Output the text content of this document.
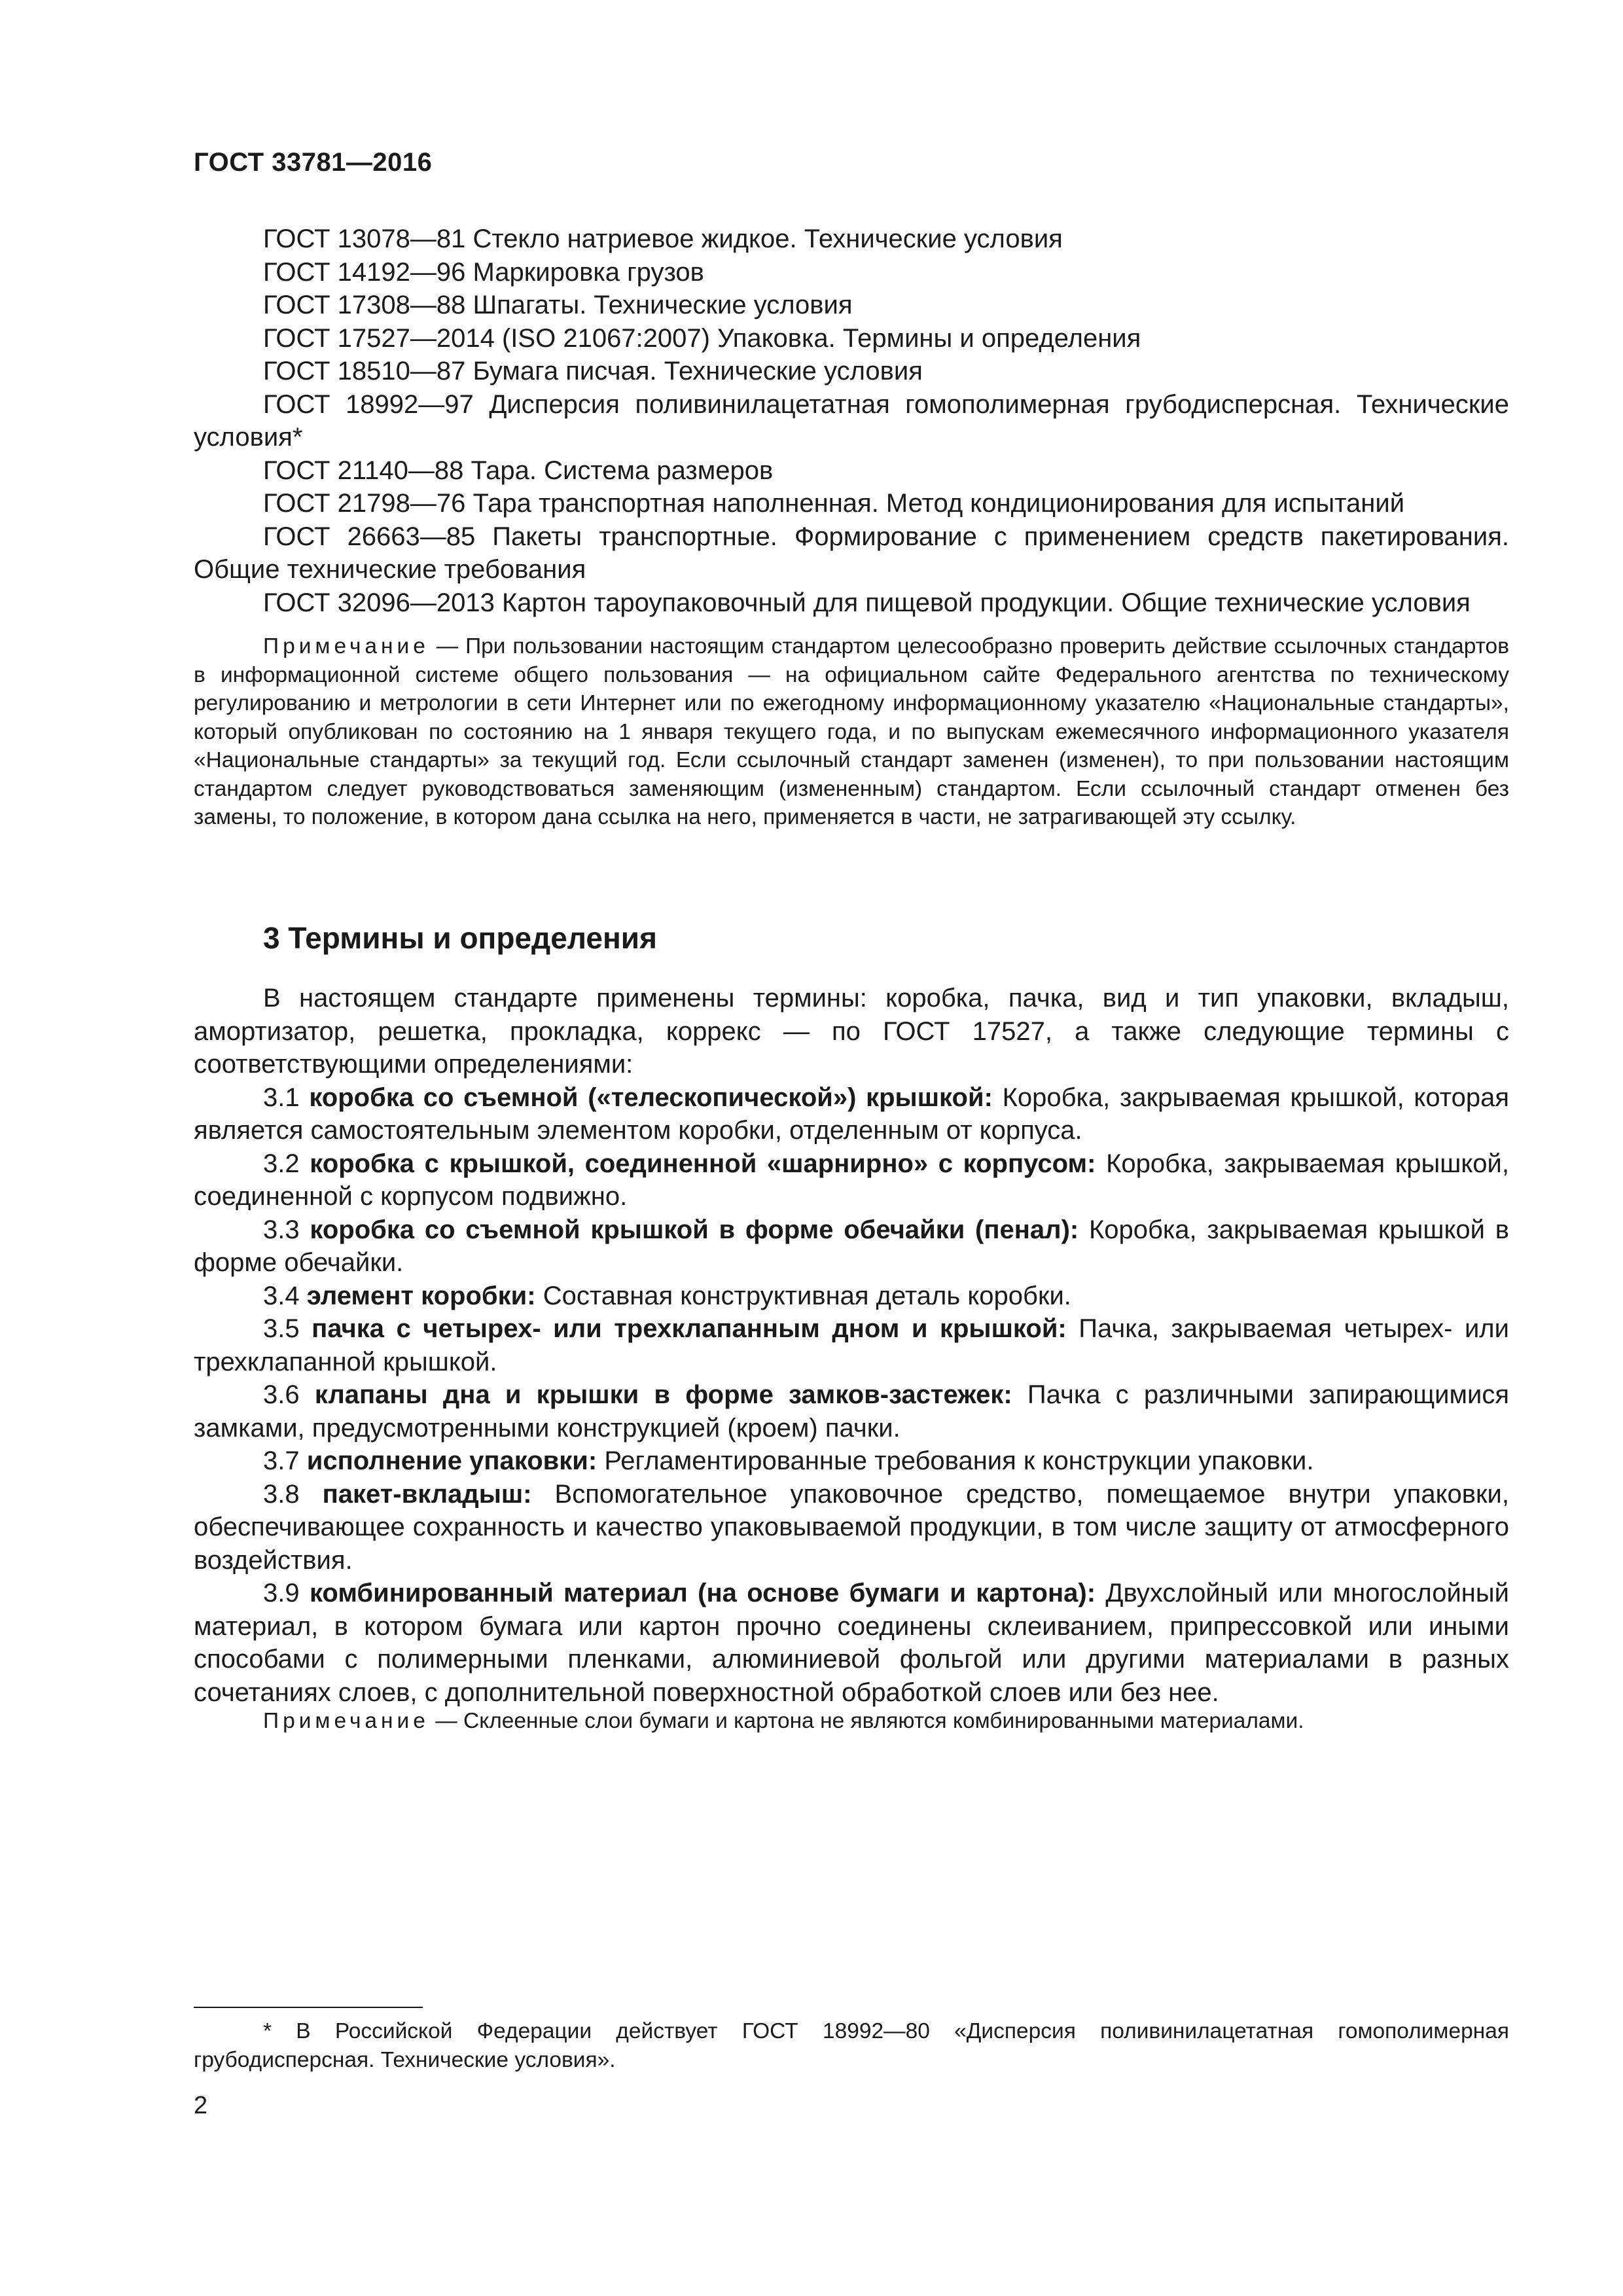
ГОСТ 33781—2016

ГОСТ 13078—81 Стекло натриевое жидкое. Технические условия

ГОСТ 14192—96 Маркировка грузов

ГОСТ 17308—88 Шпагаты. Технические условия

ГОСТ 17527—2014 (ISO 21067:2007) Упаковка. Термины и определения

ГОСТ 18510—87 Бумага писчая. Технические условия

ГОСТ 18992—97 Дисперсия поливинилацетатная гомополимерная грубодисперсная. Технические условия*

ГОСТ 21140—88 Тара. Система размеров

ГОСТ 21798—76 Тара транспортная наполненная. Метод кондиционирования для испытаний

ГОСТ 26663—85 Пакеты транспортные. Формирование с применением средств пакетирования. Общие технические требования

ГОСТ 32096—2013 Картон тароупаковочный для пищевой продукции. Общие технические условия

Примечание — При пользовании настоящим стандартом целесообразно проверить действие ссылочных стандартов в информационной системе общего пользования — на официальном сайте Федерального агентства по техническому регулированию и метрологии в сети Интернет или по ежегодному информационному указателю «Национальные стандарты», который опубликован по состоянию на 1 января текущего года, и по выпускам ежемесячного информационного указателя «Национальные стандарты» за текущий год. Если ссылочный стандарт заменен (изменен), то при пользовании настоящим стандартом следует руководствоваться заменяющим (измененным) стандартом. Если ссылочный стандарт отменен без замены, то положение, в котором дана ссылка на него, применяется в части, не затрагивающей эту ссылку.

3 Термины и определения

В настоящем стандарте применены термины: коробка, пачка, вид и тип упаковки, вкладыш, амортизатор, решетка, прокладка, коррекс — по ГОСТ 17527, а также следующие термины с соответствующими определениями:

3.1 коробка со съемной («телескопической») крышкой: Коробка, закрываемая крышкой, которая является самостоятельным элементом коробки, отделенным от корпуса.

3.2 коробка с крышкой, соединенной «шарнирно» с корпусом: Коробка, закрываемая крышкой, соединенной с корпусом подвижно.

3.3 коробка со съемной крышкой в форме обечайки (пенал): Коробка, закрываемая крышкой в форме обечайки.

3.4 элемент коробки: Составная конструктивная деталь коробки.

3.5 пачка с четырех- или трехклапанным дном и крышкой: Пачка, закрываемая четырех- или трехклапанной крышкой.

3.6 клапаны дна и крышки в форме замков-застежек: Пачка с различными запирающимися замками, предусмотренными конструкцией (кроем) пачки.

3.7 исполнение упаковки: Регламентированные требования к конструкции упаковки.

3.8 пакет-вкладыш: Вспомогательное упаковочное средство, помещаемое внутри упаковки, обеспечивающее сохранность и качество упаковываемой продукции, в том числе защиту от атмосферного воздействия.

3.9 комбинированный материал (на основе бумаги и картона): Двухслойный или многослойный материал, в котором бумага или картон прочно соединены склеиванием, припрессовкой или иными способами с полимерными пленками, алюминиевой фольгой или другими материалами в разных сочетаниях слоев, с дополнительной поверхностной обработкой слоев или без нее.

Примечание — Склеенные слои бумаги и картона не являются комбинированными материалами.

* В Российской Федерации действует ГОСТ 18992—80 «Дисперсия поливинилацетатная гомополимерная грубодисперсная. Технические условия».

2
